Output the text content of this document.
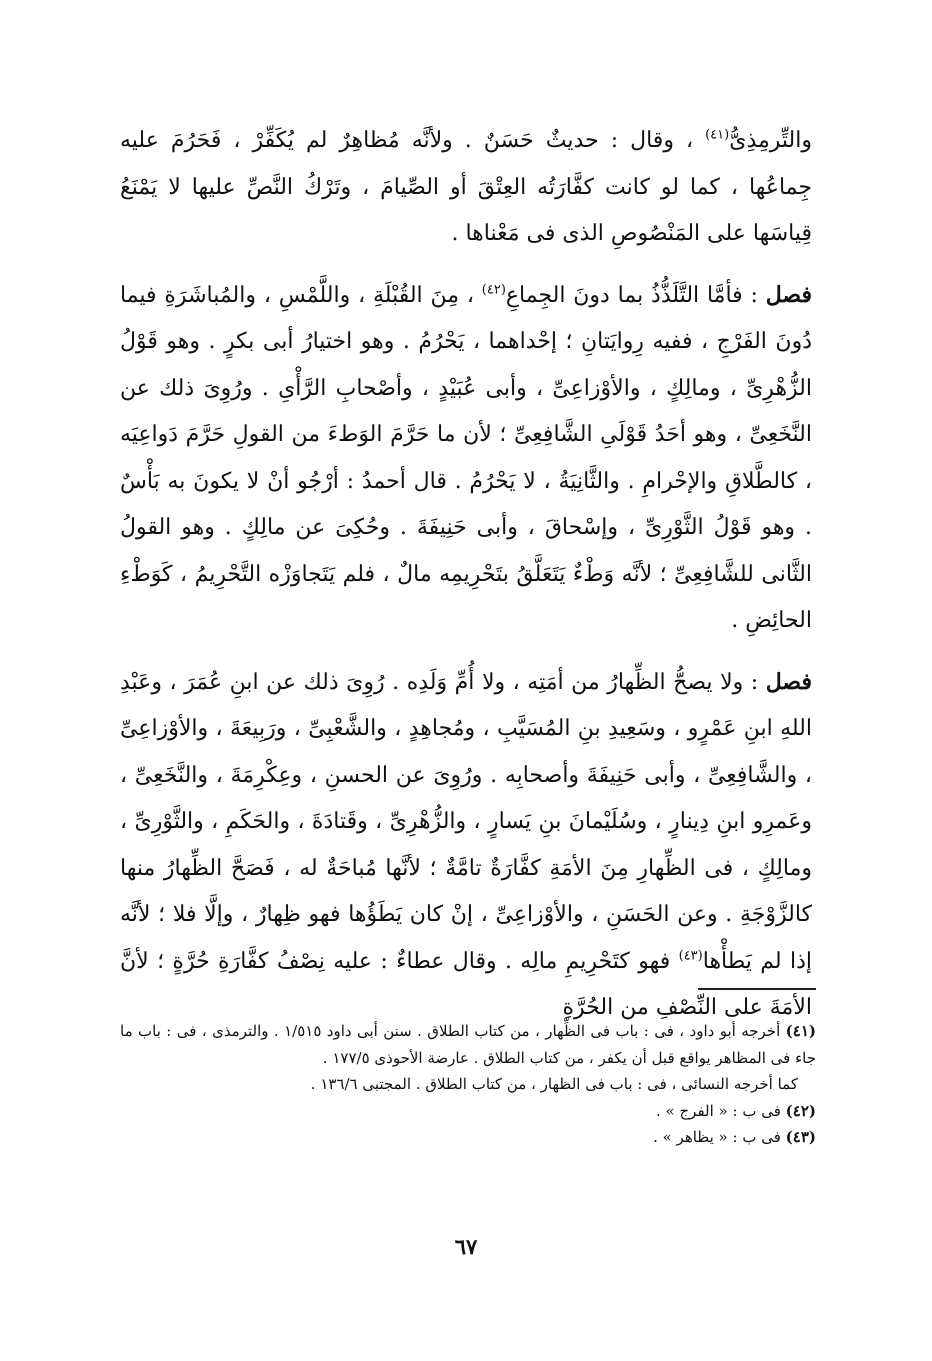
والتِّرمِذِىُّ$^{(٤١)}$ ، وقال : حديثٌ حَسَنٌ . ولأنَّه مُظاهِرٌ لم يُكَفِّرْ ، فَحَرُمَ عليه جِماعُها ، كما لو كانت كفَّارَتُه العِتْقَ أو الصِّيامَ ، وتَرْكُ النَّصِّ عليها لا يَمْنَعُ قِياسَها على المَنْصُوصِ الذى فى مَعْناها .

فصل : فأمَّا التَّلَذُّذُ بما دونَ الجِماعِ$^{(٤٢)}$ ، مِنَ القُبْلَةِ ، واللَّمْسِ ، والمُباشَرَةِ فيما دُونَ الفَرْجِ ، ففيه رِوايَتانِ ؛ إحْداهما ، يَحْرُمُ . وهو اختيارُ أبى بكرٍ . وهو قَوْلُ الزُّهْرِىِّ ، ومالِكٍ ، والأوْزاعِىِّ ، وأبى عُبَيْدٍ ، وأصْحابِ الرَّأْىِ . ورُوِىَ ذلك عن النَّخَعِىِّ ، وهو أحَدُ قَوْلَىِ الشَّافِعِىِّ ؛ لأن ما حَرَّمَ الوَطءَ من القولِ حَرَّمَ دَواعِيَه ، كالطَّلاقِ والإحْرامِ . والثَّانِيَةُ ، لا يَحْرُمُ . قال أحمدُ : أرْجُو أنْ لا يكونَ به بَأْسٌ . وهو قَوْلُ الثَّوْرِىِّ ، وإسْحاقَ ، وأبى حَنِيفَةَ . وحُكِىَ عن مالِكٍ . وهو القولُ الثَّانى للشَّافِعِىِّ ؛ لأنَّه وَطْءٌ يَتَعَلَّقُ بتَحْرِيمِه مالٌ ، فلم يَتَجاوَزْه التَّحْرِيمُ ، كَوَطْءِ الحائِضِ .

فصل : ولا يصحُّ الظِّهارُ من أمَتِه ، ولا أُمِّ وَلَدِه . رُوِىَ ذلك عن ابنِ عُمَرَ ، وعَبْدِ اللهِ ابنِ عَمْرٍو ، وسَعِيدِ بنِ المُسَيَّبِ ، ومُجاهِدٍ ، والشَّعْبِىِّ ، ورَبِيعَةَ ، والأوْزاعِىِّ ، والشَّافِعِىِّ ، وأبى حَنِيفَةَ وأصحابِه . ورُوِىَ عن الحسنِ ، وعِكْرِمَةَ ، والنَّخَعِىِّ ، وعَمرِو ابنِ دِينارٍ ، وسُلَيْمانَ بنِ يَسارٍ ، والزُّهْرِىِّ ، وقَتادَةَ ، والحَكَمِ ، والثَّوْرِىِّ ، ومالِكٍ ، فى الظِّهارِ مِنَ الأمَةِ كفَّارَةٌ تامَّةٌ ؛ لأنَّها مُباحَةٌ له ، فَصَحَّ الظِّهارُ منها كالزَّوْجَةِ . وعن الحَسَنِ ، والأوْزاعِىِّ ، إنْ كان يَطَؤُها فهو ظِهارٌ ، وإلَّا فلا ؛ لأنَّه إذا لم يَطأْها$^{(٤٣)}$ فهو كتَحْرِيمِ مالِه . وقال عطاءٌ : عليه نِصْفُ كفَّارَةِ حُرَّةٍ ؛ لأنَّ الأمَةَ على النِّصْفِ من الحُرَّةِ

(٤١) أخرجه أبو داود ، فى : باب فى الظِّهار ، من كتاب الطلاق . سنن أبى داود ١/٥١٥ . والترمذى ، فى : باب ما جاء فى المظاهر يواقع قبل أن يكفر ، من كتاب الطلاق . عارضة الأحوذى ١٧٧/٥ .

كما أخرجه النسائى ، فى : باب فى الظهار ، من كتاب الطلاق . المجتبى ١٣٦/٦ .

(٤٢) فى ب : « الفرج » .

(٤٣) فى ب : « يظاهر » .

٦٧
